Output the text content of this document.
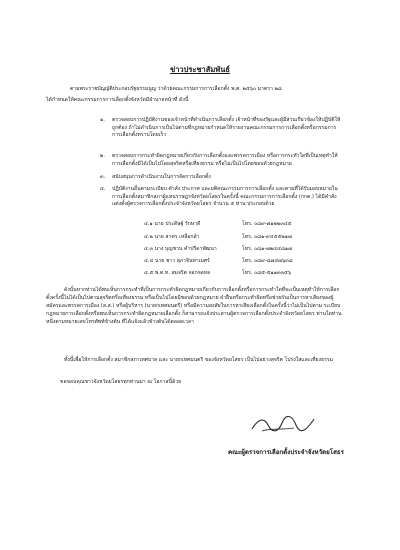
ข่าวประชาสัมพันธ์
ตามพระราชบัญญัติประกอบรัฐธรรมนูญ ว่าด้วยคณะกรรมการการเลือกตั้ง พ.ศ. ๒๕๖๐ มาตรา ๒๘
ได้กำหนดให้คณะกรรมการการเลือกตั้งจังหวัดมีอำนาจหน้าที่ ดังนี้
๑. ตรวจสอบการปฏิบัติงานของเจ้าหน้าที่ดำเนินการเลือกตั้ง เจ้าหน้าที่ของรัฐและผู้มีส่วนเกี่ยวข้องให้ปฏิบัติให้ถูกต้อง ถ้าไม่ดำเนินการเป็นไปตามที่กฎหมายกำหนดให้รายงานคณะกรรมการการเลือกตั้งหรือกรรมการการเลือกตั้งทราบโดยเร็ว
๒. ตรวจสอบการกระทำผิดกฎหมายเกี่ยวกับการเลือกตั้งและพรรคการเมือง หรือการกระทำใดที่เป็นเหตุทำให้การเลือกตั้งมิได้เป็นไปโดยสุจริตหรือเที่ยงธรรม หรือไม่เป็นไปโดยชอบด้วยกฎหมาย
๓. สนับสนุนการดำเนินงานในการจัดการเลือกตั้ง
๔. ปฏิบัติงานอื่นตามระเบียบ คำสั่ง ประกาศ และมติคณะกรรมการการเลือกตั้ง และตามที่ได้รับมอบหมายในการเลือกตั้งสมาชิกสภาผู้แทนราษฎรจังหวัดยโสธรในครั้งนี้ คณะกรรมการการเลือกตั้ง (กกต.) ได้มีคำสั่งแต่งตั้งผู้ตรวจการเลือกตั้งประจำจังหวัดยโสธร จำนวน ๕ ท่าน ประกอบด้วย
๔.๑ นาย ประดิษฐ์ รักษาดี	โทร. ๐๘๙-๗๑๒๒๓๔๕
๔.๒ นาย สาคร เหลือกล้า	โทร. ๐๘๑-๙๔๕๕๒๑๗
๔.๓ นาง บุญชวน คำปรีดาพัฒนา	โทร. ๐๘๑-๗๒๔๔๘๑๗
๔.๔ นาย ชาว สุภาจินทาเมศร์	โทร. ๐๘๙-๘๗๔๗๖๓๘
๔.๕ พ.ต.ท. สมจริต จอกจอหอ	โทร. ๐๘๕-๕๑๑๓๓๕๖
ดังนั้นหากท่านได้พบเห็นการกระทำที่เป็นการกระทำผิดกฎหมายเกี่ยวกับการเลือกตั้งหรือการกระทำใดที่จะเป็นเหตุทำให้การเลือกตั้งครั้งนี้ไม่ได้เป็นไปตามสุจริตหรือเที่ยงธรรม หรือเป็นไปโดยมิชอบด้วยกฎหมาย ฝ่าฝืนหรือกระทำผิดหรือช่วยกันเป็นการหาเสียงของผู้สมัครและพรรคการเมือง (ส.ส.) หรือผู้บริหาร (นายกเทศมนตรี) หรือมีความสงสัยในการหาเสียงเลือกตั้งในครั้งนี้ว่าไม่เป็นไปตาม ระเบียบกฎหมายการเลือกตั้งหรือพบเห็นการกระทำผิดกฎหมายเลือกตั้ง ก็สามารถแจ้งประสานผู้ตรวจการเลือกตั้งประจำจังหวัดยโสธร ท่านใดท่านหนึ่งตามหมายเลขโทรศัพท์ข้างต้น ที่ได้แจ้งแล้วข้างต้นได้ตลอดเวลา
ทั้งนี้เพื่อให้การเลือกตั้ง สมาชิกสภาเทศบาล และ นายกเทศมนตรี ของจังหวัดยโสธร เป็นไปอย่างสุจริต โปร่งใสและเที่ยงธรรม
ขอขอบคุณชาวจังหวัดยโสธรทุกท่านมา ณ โอกาสนี้ด้วย
คณะผู้ตรวจการเลือกตั้งประจำจังหวัดยโสธร
